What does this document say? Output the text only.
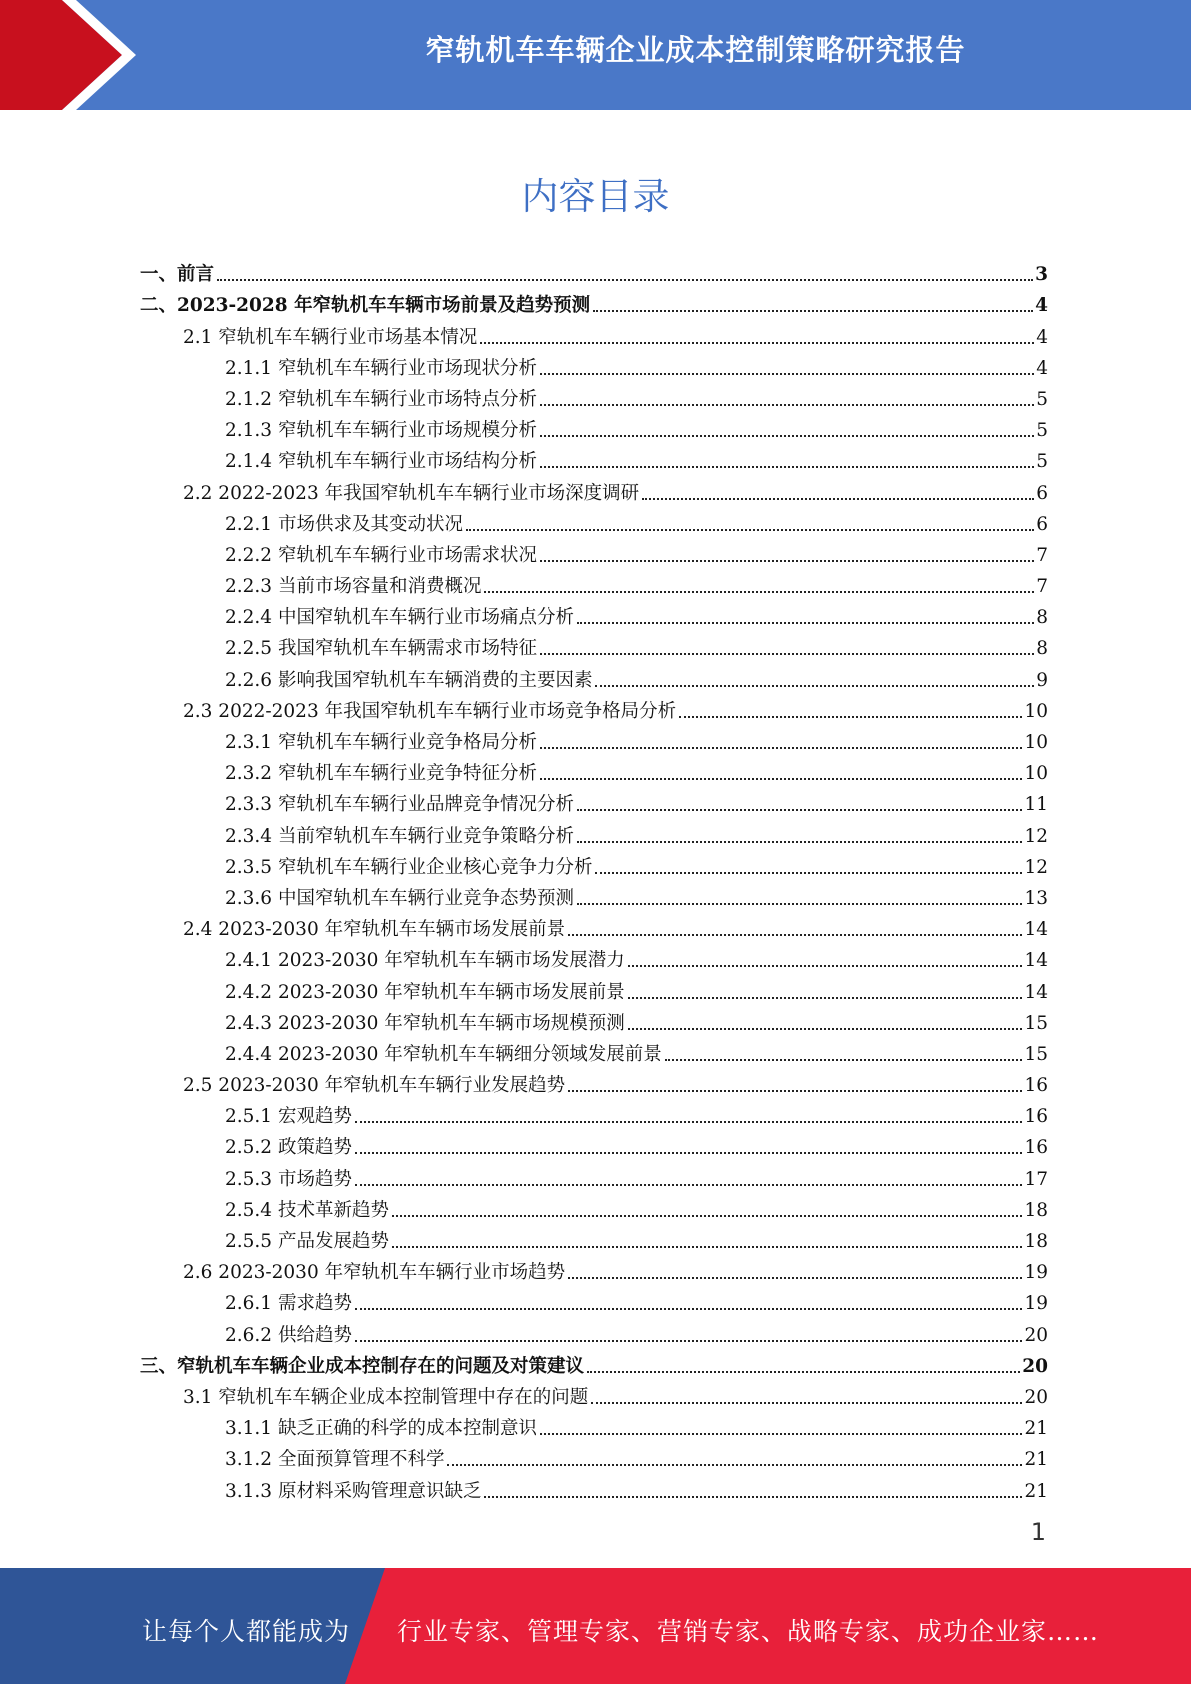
窄轨机车车辆企业成本控制策略研究报告
内容目录
一、前言	3
二、2023-2028 年窄轨机车车辆市场前景及趋势预测	4
2.1 窄轨机车车辆行业市场基本情况	4
2.1.1 窄轨机车车辆行业市场现状分析	4
2.1.2 窄轨机车车辆行业市场特点分析	5
2.1.3 窄轨机车车辆行业市场规模分析	5
2.1.4 窄轨机车车辆行业市场结构分析	5
2.2 2022-2023 年我国窄轨机车车辆行业市场深度调研	6
2.2.1 市场供求及其变动状况	6
2.2.2 窄轨机车车辆行业市场需求状况	7
2.2.3 当前市场容量和消费概况	7
2.2.4 中国窄轨机车车辆行业市场痛点分析	8
2.2.5 我国窄轨机车车辆需求市场特征	8
2.2.6 影响我国窄轨机车车辆消费的主要因素	9
2.3 2022-2023 年我国窄轨机车车辆行业市场竞争格局分析	10
2.3.1 窄轨机车车辆行业竞争格局分析	10
2.3.2 窄轨机车车辆行业竞争特征分析	10
2.3.3 窄轨机车车辆行业品牌竞争情况分析	11
2.3.4 当前窄轨机车车辆行业竞争策略分析	12
2.3.5 窄轨机车车辆行业企业核心竞争力分析	12
2.3.6 中国窄轨机车车辆行业竞争态势预测	13
2.4 2023-2030 年窄轨机车车辆市场发展前景	14
2.4.1 2023-2030 年窄轨机车车辆市场发展潜力	14
2.4.2 2023-2030 年窄轨机车车辆市场发展前景	14
2.4.3 2023-2030 年窄轨机车车辆市场规模预测	15
2.4.4 2023-2030 年窄轨机车车辆细分领域发展前景	15
2.5 2023-2030 年窄轨机车车辆行业发展趋势	16
2.5.1 宏观趋势	16
2.5.2 政策趋势	16
2.5.3 市场趋势	17
2.5.4 技术革新趋势	18
2.5.5 产品发展趋势	18
2.6 2023-2030 年窄轨机车车辆行业市场趋势	19
2.6.1 需求趋势	19
2.6.2 供给趋势	20
三、窄轨机车车辆企业成本控制存在的问题及对策建议	20
3.1 窄轨机车车辆企业成本控制管理中存在的问题	20
3.1.1 缺乏正确的科学的成本控制意识	21
3.1.2 全面预算管理不科学	21
3.1.3 原材料采购管理意识缺乏	21
1
让每个人都能成为 行业专家、管理专家、营销专家、战略专家、成功企业家……
